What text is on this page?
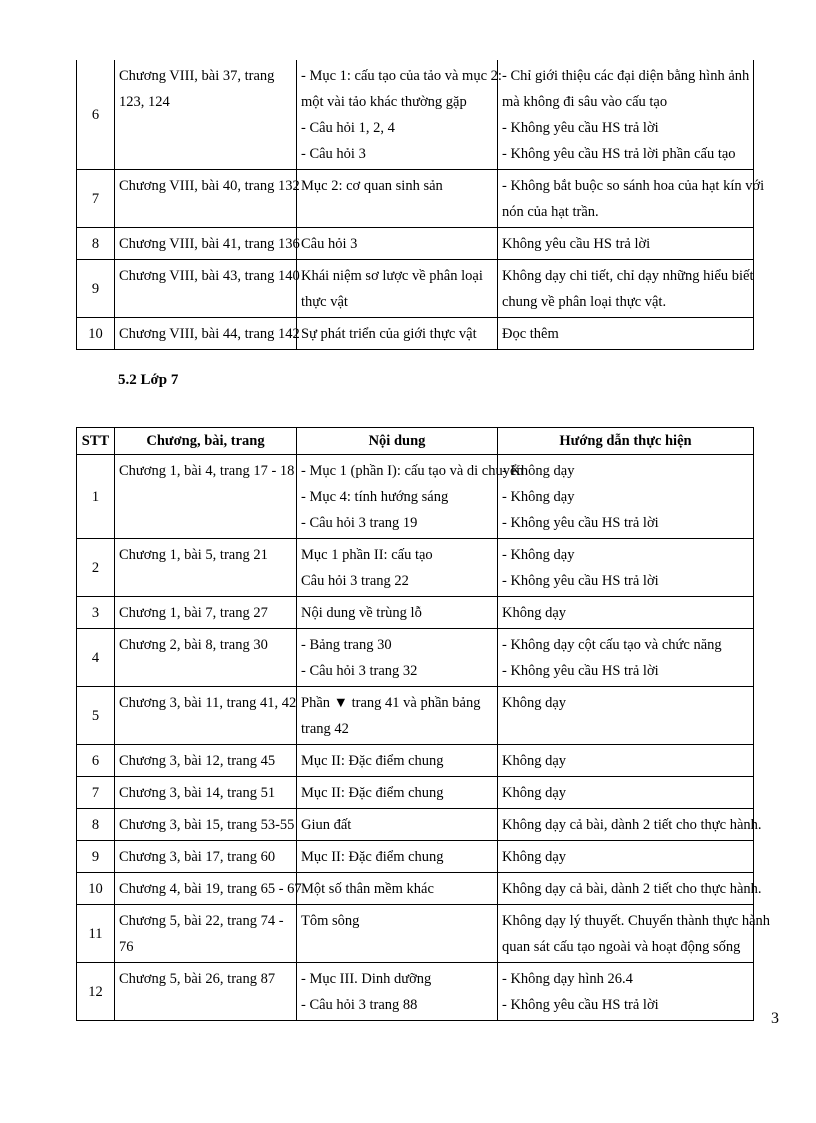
6	Chương VIII, bài 37, trang
123, 124	- Mục 1: cấu tạo của tảo và mục 2:
một vài tảo khác thường gặp
- Câu hỏi 1, 2, 4
- Câu hỏi 3	- Chỉ giới thiệu các đại diện bằng hình ảnh
mà không đi sâu vào cấu tạo
- Không yêu cầu HS trả lời
- Không yêu cầu HS trả lời phần cấu tạo

7	Chương VIII, bài 40, trang 132	Mục 2: cơ quan sinh sản	- Không bắt buộc so sánh hoa của hạt kín với
nón của hạt trần.

8	Chương VIII, bài 41, trang 136	Câu hỏi 3	Không yêu cầu HS trả lời

9	Chương VIII, bài 43, trang 140	Khái niệm sơ lược về phân loại
thực vật	Không dạy chi tiết, chỉ dạy những hiểu biết
chung về phân loại thực vật.

10	Chương VIII, bài 44, trang 142	Sự phát triển của giới thực vật	Đọc thêm
5.2 Lớp 7
STT	Chương, bài, trang	Nội dung	Hướng dẫn thực hiện
1	Chương 1, bài 4, trang 17 - 18	- Mục 1 (phần I): cấu tạo và di chuyển
- Mục 4: tính hướng sáng
- Câu hỏi 3 trang 19	- Không dạy
- Không dạy
- Không yêu cầu HS trả lời

2	Chương 1, bài 5, trang 21	Mục 1 phần II: cấu tạo
Câu hỏi 3 trang 22	- Không dạy
- Không yêu cầu HS trả lời

3	Chương 1, bài 7, trang 27	Nội dung về trùng lỗ	Không dạy

4	Chương 2, bài 8, trang 30	- Bảng trang 30
- Câu hỏi 3 trang 32	- Không dạy cột cấu tạo và chức năng
- Không yêu cầu HS trả lời

5	Chương 3, bài 11, trang 41, 42	Phần ▼ trang 41 và phần bảng
trang 42	Không dạy

6	Chương 3, bài 12, trang 45	Mục II: Đặc điểm chung	Không dạy

7	Chương 3, bài 14, trang 51	Mục II: Đặc điểm chung	Không dạy

8	Chương 3, bài 15, trang 53-55	Giun đất	Không dạy cả bài, dành 2 tiết cho thực hành.

9	Chương 3, bài 17, trang 60	Mục II: Đặc điểm chung	Không dạy

10	Chương 4, bài 19, trang 65 - 67	Một số thân mềm khác	Không dạy cả bài, dành 2 tiết cho thực hành.

11	Chương 5, bài 22, trang 74 -
76	Tôm sông	Không dạy lý thuyết. Chuyển thành thực hành
quan sát cấu tạo ngoài và hoạt động sống

12	Chương 5, bài 26, trang 87	- Mục III. Dinh dưỡng
- Câu hỏi 3 trang 88	- Không dạy hình 26.4
- Không yêu cầu HS trả lời
3
